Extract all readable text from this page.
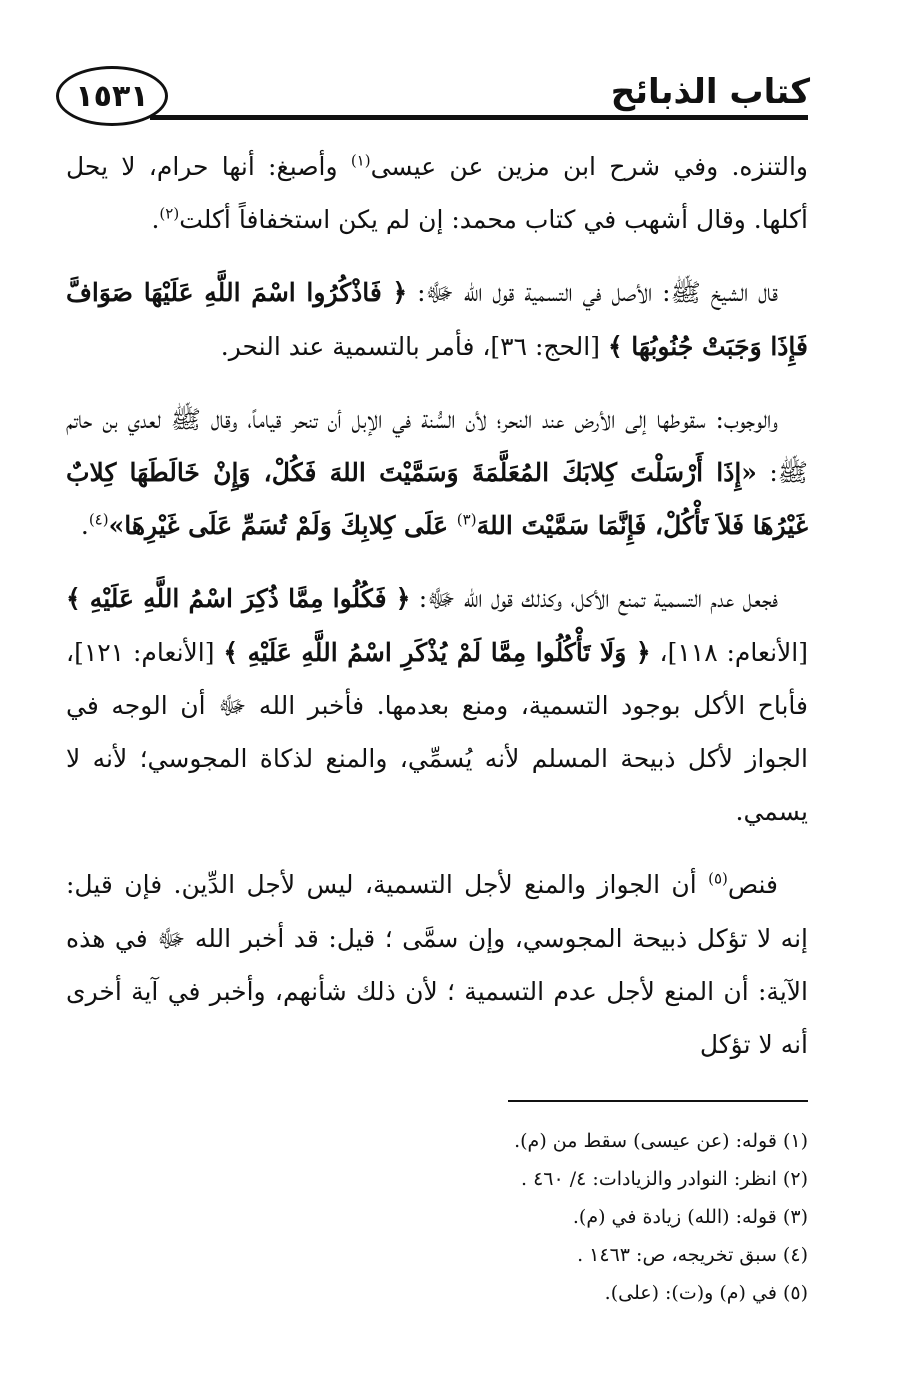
كتاب الذبائح
١٥٣١

والتنزه. وفي شرح ابن مزين عن عيسى$^{(١)}$ وأصبغ: أنها حرام، لا يحل أكلها. وقال أشهب في كتاب محمد: إن لم يكن استخفافاً أكلت$^{(٢)}$.

قال الشيخ ﷺ: الأصل في التسمية قول الله ﷻ: ﴿ فَاذْكُرُوا اسْمَ اللَّهِ عَلَيْهَا صَوَافَّ فَإِذَا وَجَبَتْ جُنُوبُهَا ﴾ [الحج: ٣٦]، فأمر بالتسمية عند النحر.

والوجوب: سقوطها إلى الأرض عند النحر؛ لأن السُّنة في الإبل أن تنحر قياماً، وقال ﷺ لعدي بن حاتم ﷺ: «إِذَا أَرْسَلْتَ كِلابَكَ المُعَلَّمَةَ وَسَمَّيْتَ اللهَ فَكُلْ، وَإِنْ خَالَطَهَا كِلابٌ غَيْرُهَا فَلاَ تَأْكُلْ، فَإِنَّمَا سَمَّيْتَ اللهَ$^{(٣)}$ عَلَى كِلابِكَ وَلَمْ تُسَمِّ عَلَى غَيْرِهَا»$^{(٤)}$.

فجعل عدم التسمية تمنع الأكل، وكذلك قول الله ﷻ: ﴿ فَكُلُوا مِمَّا ذُكِرَ اسْمُ اللَّهِ عَلَيْهِ ﴾ [الأنعام: ١١٨]، ﴿ وَلَا تَأْكُلُوا مِمَّا لَمْ يُذْكَرِ اسْمُ اللَّهِ عَلَيْهِ ﴾ [الأنعام: ١٢١]، فأباح الأكل بوجود التسمية، ومنع بعدمها. فأخبر الله ﷻ أن الوجه في الجواز لأكل ذبيحة المسلم لأنه يُسمِّي، والمنع لذكاة المجوسي؛ لأنه لا يسمي.

فنص$^{(٥)}$ أن الجواز والمنع لأجل التسمية، ليس لأجل الدِّين. فإن قيل: إنه لا تؤكل ذبيحة المجوسي، وإن سمَّى ؛ قيل: قد أخبر الله ﷻ في هذه الآية: أن المنع لأجل عدم التسمية ؛ لأن ذلك شأنهم، وأخبر في آية أخرى أنه لا تؤكل

(١) قوله: (عن عيسى) سقط من (م).
(٢) انظر: النوادر والزيادات: ٤/ ٤٦٠ .
(٣) قوله: (الله) زيادة في (م).
(٤) سبق تخريجه، ص: ١٤٦٣ .
(٥) في (م) و(ت): (على).
